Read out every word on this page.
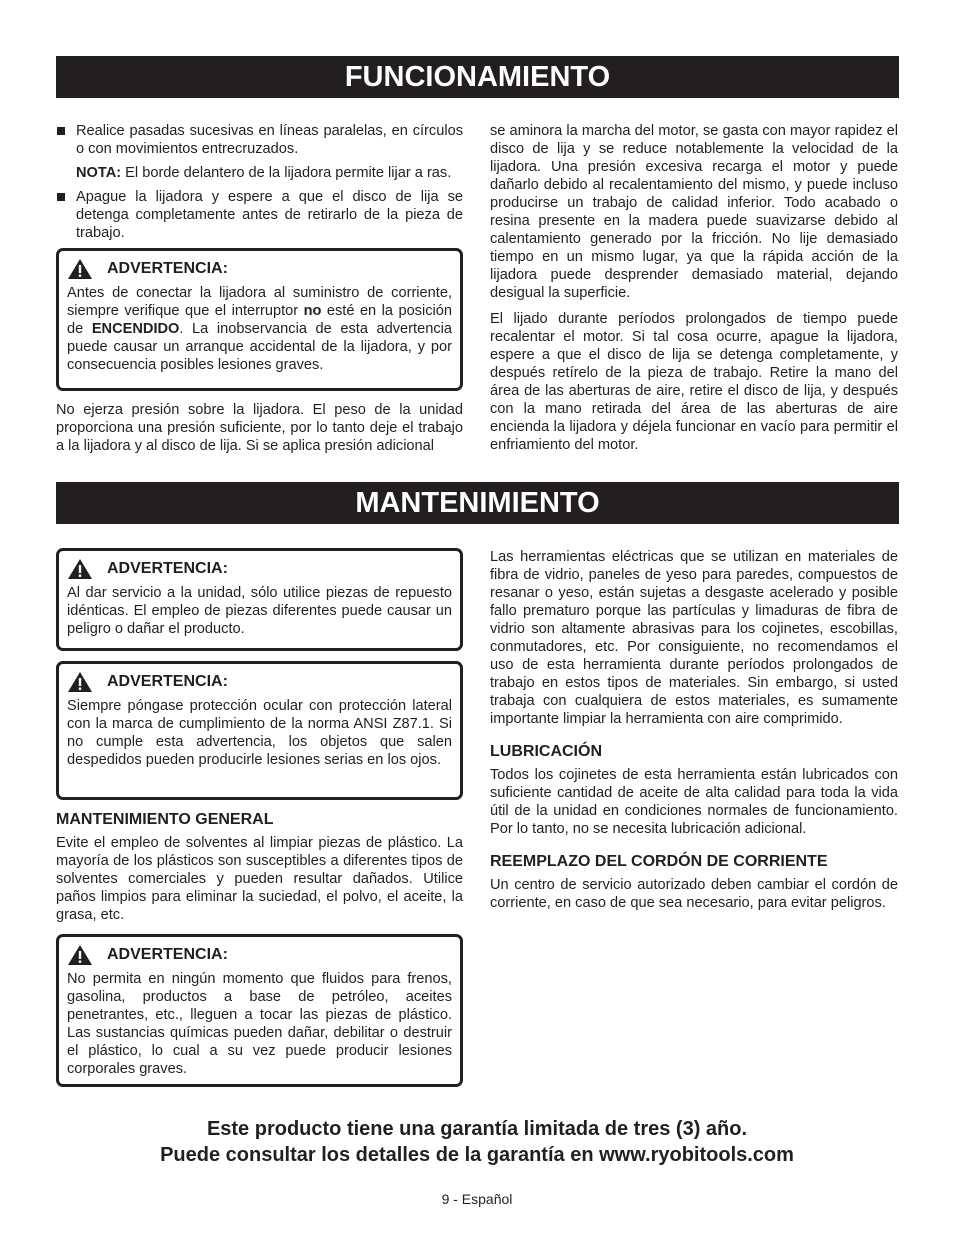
FUNCIONAMIENTO
Realice pasadas sucesivas en líneas paralelas, en círculos o con movimientos entrecruzados.

NOTA: El borde delantero de la lijadora permite lijar a ras.

Apague la lijadora y espere a que el disco de lija se detenga completamente antes de retirarlo de la pieza de trabajo.
ADVERTENCIA:

Antes de conectar la lijadora al suministro de corriente, siempre verifique que el interruptor no esté en la posición de ENCENDIDO. La inobservancia de esta advertencia puede causar un arranque accidental de la lijadora, y por consecuencia posibles lesiones graves.

No ejerza presión sobre la lijadora. El peso de la unidad proporciona una presión suficiente, por lo tanto deje el trabajo a la lijadora y al disco de lija. Si se aplica presión adicional

se aminora la marcha del motor, se gasta con mayor rapidez el disco de lija y se reduce notablemente la velocidad de la lijadora. Una presión excesiva recarga el motor y puede dañarlo debido al recalentamiento del mismo, y puede incluso producirse un trabajo de calidad inferior. Todo acabado o resina presente en la madera puede suavizarse debido al calentamiento generado por la fricción. No lije demasiado tiempo en un mismo lugar, ya que la rápida acción de la lijadora puede desprender demasiado material, dejando desigual la superficie.

El lijado durante períodos prolongados de tiempo puede recalentar el motor. Si tal cosa ocurre, apague la lijadora, espere a que el disco de lija se detenga completamente, y después retírelo de la pieza de trabajo. Retire la mano del área de las aberturas de aire, retire el disco de lija, y después con la mano retirada del área de las aberturas de aire encienda la lijadora y déjela funcionar en vacío para permitir el enfriamiento del motor.

MANTENIMIENTO
ADVERTENCIA:

Al dar servicio a la unidad, sólo utilice piezas de repuesto idénticas. El empleo de piezas diferentes puede causar un peligro o dañar el producto.

ADVERTENCIA:

Siempre póngase protección ocular con protección lateral con la marca de cumplimiento de la norma ANSI Z87.1. Si no cumple esta advertencia, los objetos que salen despedidos pueden producirle lesiones serias en los ojos.

MANTENIMIENTO GENERAL

Evite el empleo de solventes al limpiar piezas de plástico. La mayoría de los plásticos son susceptibles a diferentes tipos de solventes comerciales y pueden resultar dañados. Utilice paños limpios para eliminar la suciedad, el polvo, el aceite, la grasa, etc.

ADVERTENCIA:

No permita en ningún momento que fluidos para frenos, gasolina, productos a base de petróleo, aceites penetrantes, etc., lleguen a tocar las piezas de plástico. Las sustancias químicas pueden dañar, debilitar o destruir el plástico, lo cual a su vez puede producir lesiones corporales graves.

Las herramientas eléctricas que se utilizan en materiales de fibra de vidrio, paneles de yeso para paredes, compuestos de resanar o yeso, están sujetas a desgaste acelerado y posible fallo prematuro porque las partículas y limaduras de fibra de vidrio son altamente abrasivas para los cojinetes, escobillas, conmutadores, etc. Por consiguiente, no recomendamos el uso de esta herramienta durante períodos prolongados de trabajo en estos tipos de materiales. Sin embargo, si usted trabaja con cualquiera de estos materiales, es sumamente importante limpiar la herramienta con aire comprimido.

LUBRICACIÓN

Todos los cojinetes de esta herramienta están lubricados con suficiente cantidad de aceite de alta calidad para toda la vida útil de la unidad en condiciones normales de funcionamiento. Por lo tanto, no se necesita lubricación adicional.

REEMPLAZO DEL CORDÓN DE CORRIENTE

Un centro de servicio autorizado deben cambiar el cordón de corriente, en caso de que sea necesario, para evitar peligros.

Este producto tiene una garantía limitada de tres (3) año.
Puede consultar los detalles de la garantía en www.ryobitools.com
9 - Español
